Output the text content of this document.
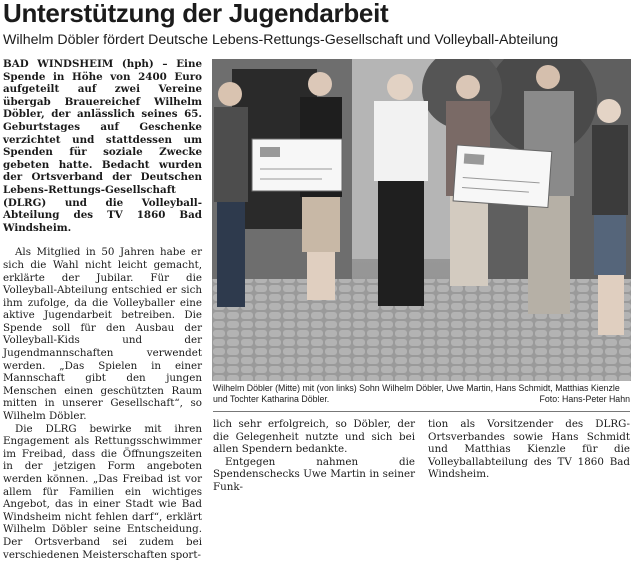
Unterstützung der Jugendarbeit
Wilhelm Döbler fördert Deutsche Lebens-Rettungs-Gesellschaft und Volleyball-Abteilung

BAD WINDSHEIM (hph) – Eine Spende in Höhe von 2400 Euro aufgeteilt auf zwei Vereine übergab Brauereichef Wilhelm Döbler, der anlässlich seines 65. Geburtstages auf Geschenke verzichtet und stattdessen um Spenden für soziale Zwecke gebeten hatte. Bedacht wurden der Ortsverband der Deutschen Lebens-Rettungs-Gesellschaft (DLRG) und die Volleyball-Abteilung des TV 1860 Bad Windsheim.

Als Mitglied in 50 Jahren habe er sich die Wahl nicht leicht gemacht, erklärte der Jubilar. Für die Volleyball-Abteilung entschied er sich ihm zufolge, da die Volleyballer eine aktive Jugendarbeit betreiben. Die Spende soll für den Ausbau der Volleyball-Kids und der Jugendmannschaften verwendet werden. „Das Spielen in einer Mannschaft gibt den jungen Menschen einen geschützten Raum mitten in unserer Gesellschaft“, so Wilhelm Döbler.

Die DLRG bewirke mit ihren Engagement als Rettungsschwimmer im Freibad, dass die Öffnungszeiten in der jetzigen Form angeboten werden können. „Das Freibad ist vor allem für Familien ein wichtiges Angebot, das in einer Stadt wie Bad Windsheim nicht fehlen darf“, erklärt Wilhelm Döbler seine Entscheidung. Der Ortsverband sei zudem bei verschiedenen Meisterschaften sport-

Wilhelm Döbler (Mitte) mit (von links) Sohn Wilhelm Döbler, Uwe Martin, Hans Schmidt, Matthias Kienzle und Tochter Katharina Döbler.	Foto: Hans-Peter Hahn

lich sehr erfolgreich, so Döbler, der die Gelegenheit nutzte und sich bei allen Spendern bedankte.

Entgegen nahmen die Spendenschecks Uwe Martin in seiner Funk-

tion als Vorsitzender des DLRG-Ortsverbandes sowie Hans Schmidt und Matthias Kienzle für die Volleyballabteilung des TV 1860 Bad Windsheim.
